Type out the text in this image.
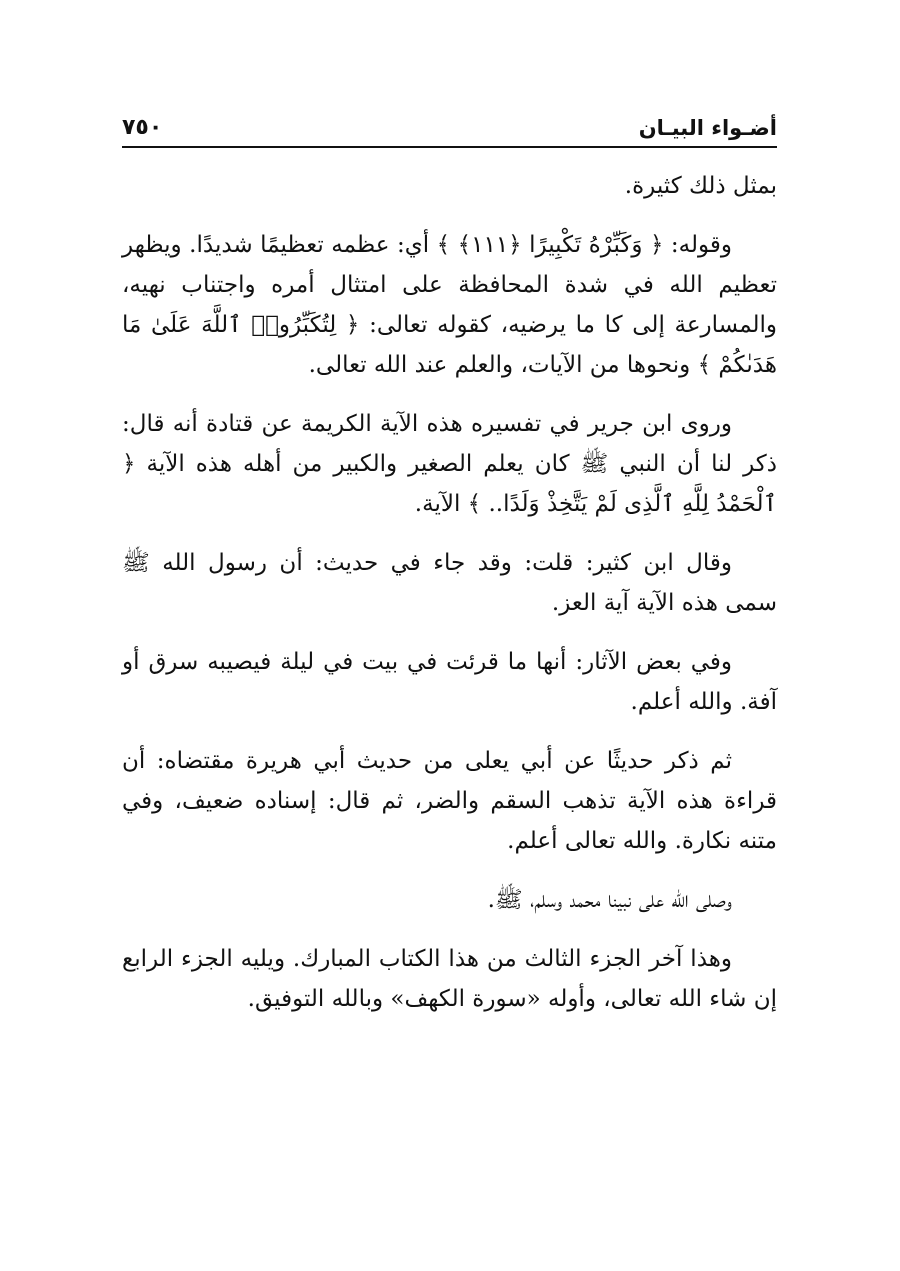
أضـواء البيـان
٧٥٠

بمثل ذلك كثيرة.

وقوله: ﴿ وَكَبِّرْهُ تَكْبِيرًا ﴿١١١﴾ ﴾ أي: عظمه تعظيمًا شديدًا. ويظهر تعظيم الله في شدة المحافظة على امتثال أمره واجتناب نهيه، والمسارعة إلى كا ما يرضيه، كقوله تعالى: ﴿ لِتُكَبِّرُوا۟ ٱللَّهَ عَلَىٰ مَا هَدَىٰكُمْ ﴾ ونحوها من الآيات، والعلم عند الله تعالى.

وروى ابن جرير في تفسيره هذه الآية الكريمة عن قتادة أنه قال: ذكر لنا أن النبي ﷺ كان يعلم الصغير والكبير من أهله هذه الآية ﴿ ٱلْحَمْدُ لِلَّهِ ٱلَّذِى لَمْ يَتَّخِذْ وَلَدًا.. ﴾ الآية.

وقال ابن كثير: قلت: وقد جاء في حديث: أن رسول الله ﷺ سمى هذه الآية آية العز.

وفي بعض الآثار: أنها ما قرئت في بيت في ليلة فيصيبه سرق أو آفة. والله أعلم.

ثم ذكر حديثًا عن أبي يعلى من حديث أبي هريرة مقتضاه: أن قراءة هذه الآية تذهب السقم والضر، ثم قال: إسناده ضعيف، وفي متنه نكارة. والله تعالى أعلم.

وصلى الله على نبينا محمد وسلم، ﷺ.

وهذا آخر الجزء الثالث من هذا الكتاب المبارك. ويليه الجزء الرابع إن شاء الله تعالى، وأوله «سورة الكهف» وبالله التوفيق.
